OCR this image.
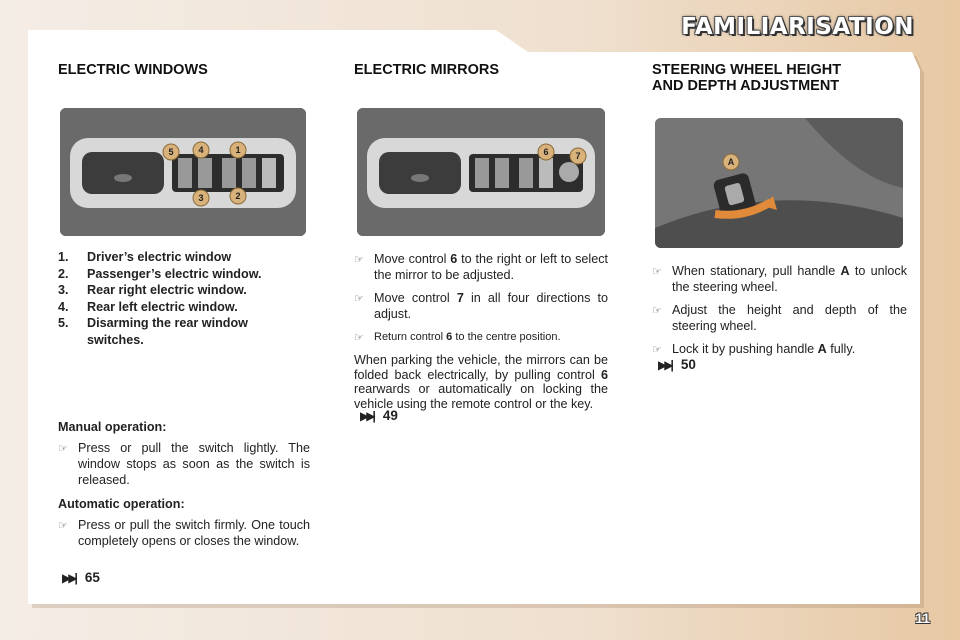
FAMILIARISATION
ELECTRIC WINDOWS
5	4	1
3	2
1.	Driver’s electric window
2.	Passenger’s electric window.
3.	Rear right electric window.
4.	Rear left electric window.
5.	Disarming the rear window switches.
Manual operation:
☞ Press or pull the switch lightly. The window stops as soon as the switch is released.
Automatic operation:
☞ Press or pull the switch firmly. One touch completely opens or closes the window.
▶▶| 65
ELECTRIC MIRRORS
6	7
☞ Move control 6 to the right or left to select the mirror to be adjusted.
☞ Move control 7 in all four directions to adjust.
☞ Return control 6 to the centre position.
When parking the vehicle, the mirrors can be folded back electrically, by pulling control 6 rearwards or automatically on locking the vehicle using the remote control or the key.
▶▶| 49
STEERING WHEEL HEIGHT
AND DEPTH ADJUSTMENT
A
☞ When stationary, pull handle A to unlock the steering wheel.
☞ Adjust the height and depth of the steering wheel.
☞ Lock it by pushing handle A fully.
▶▶| 50
11
